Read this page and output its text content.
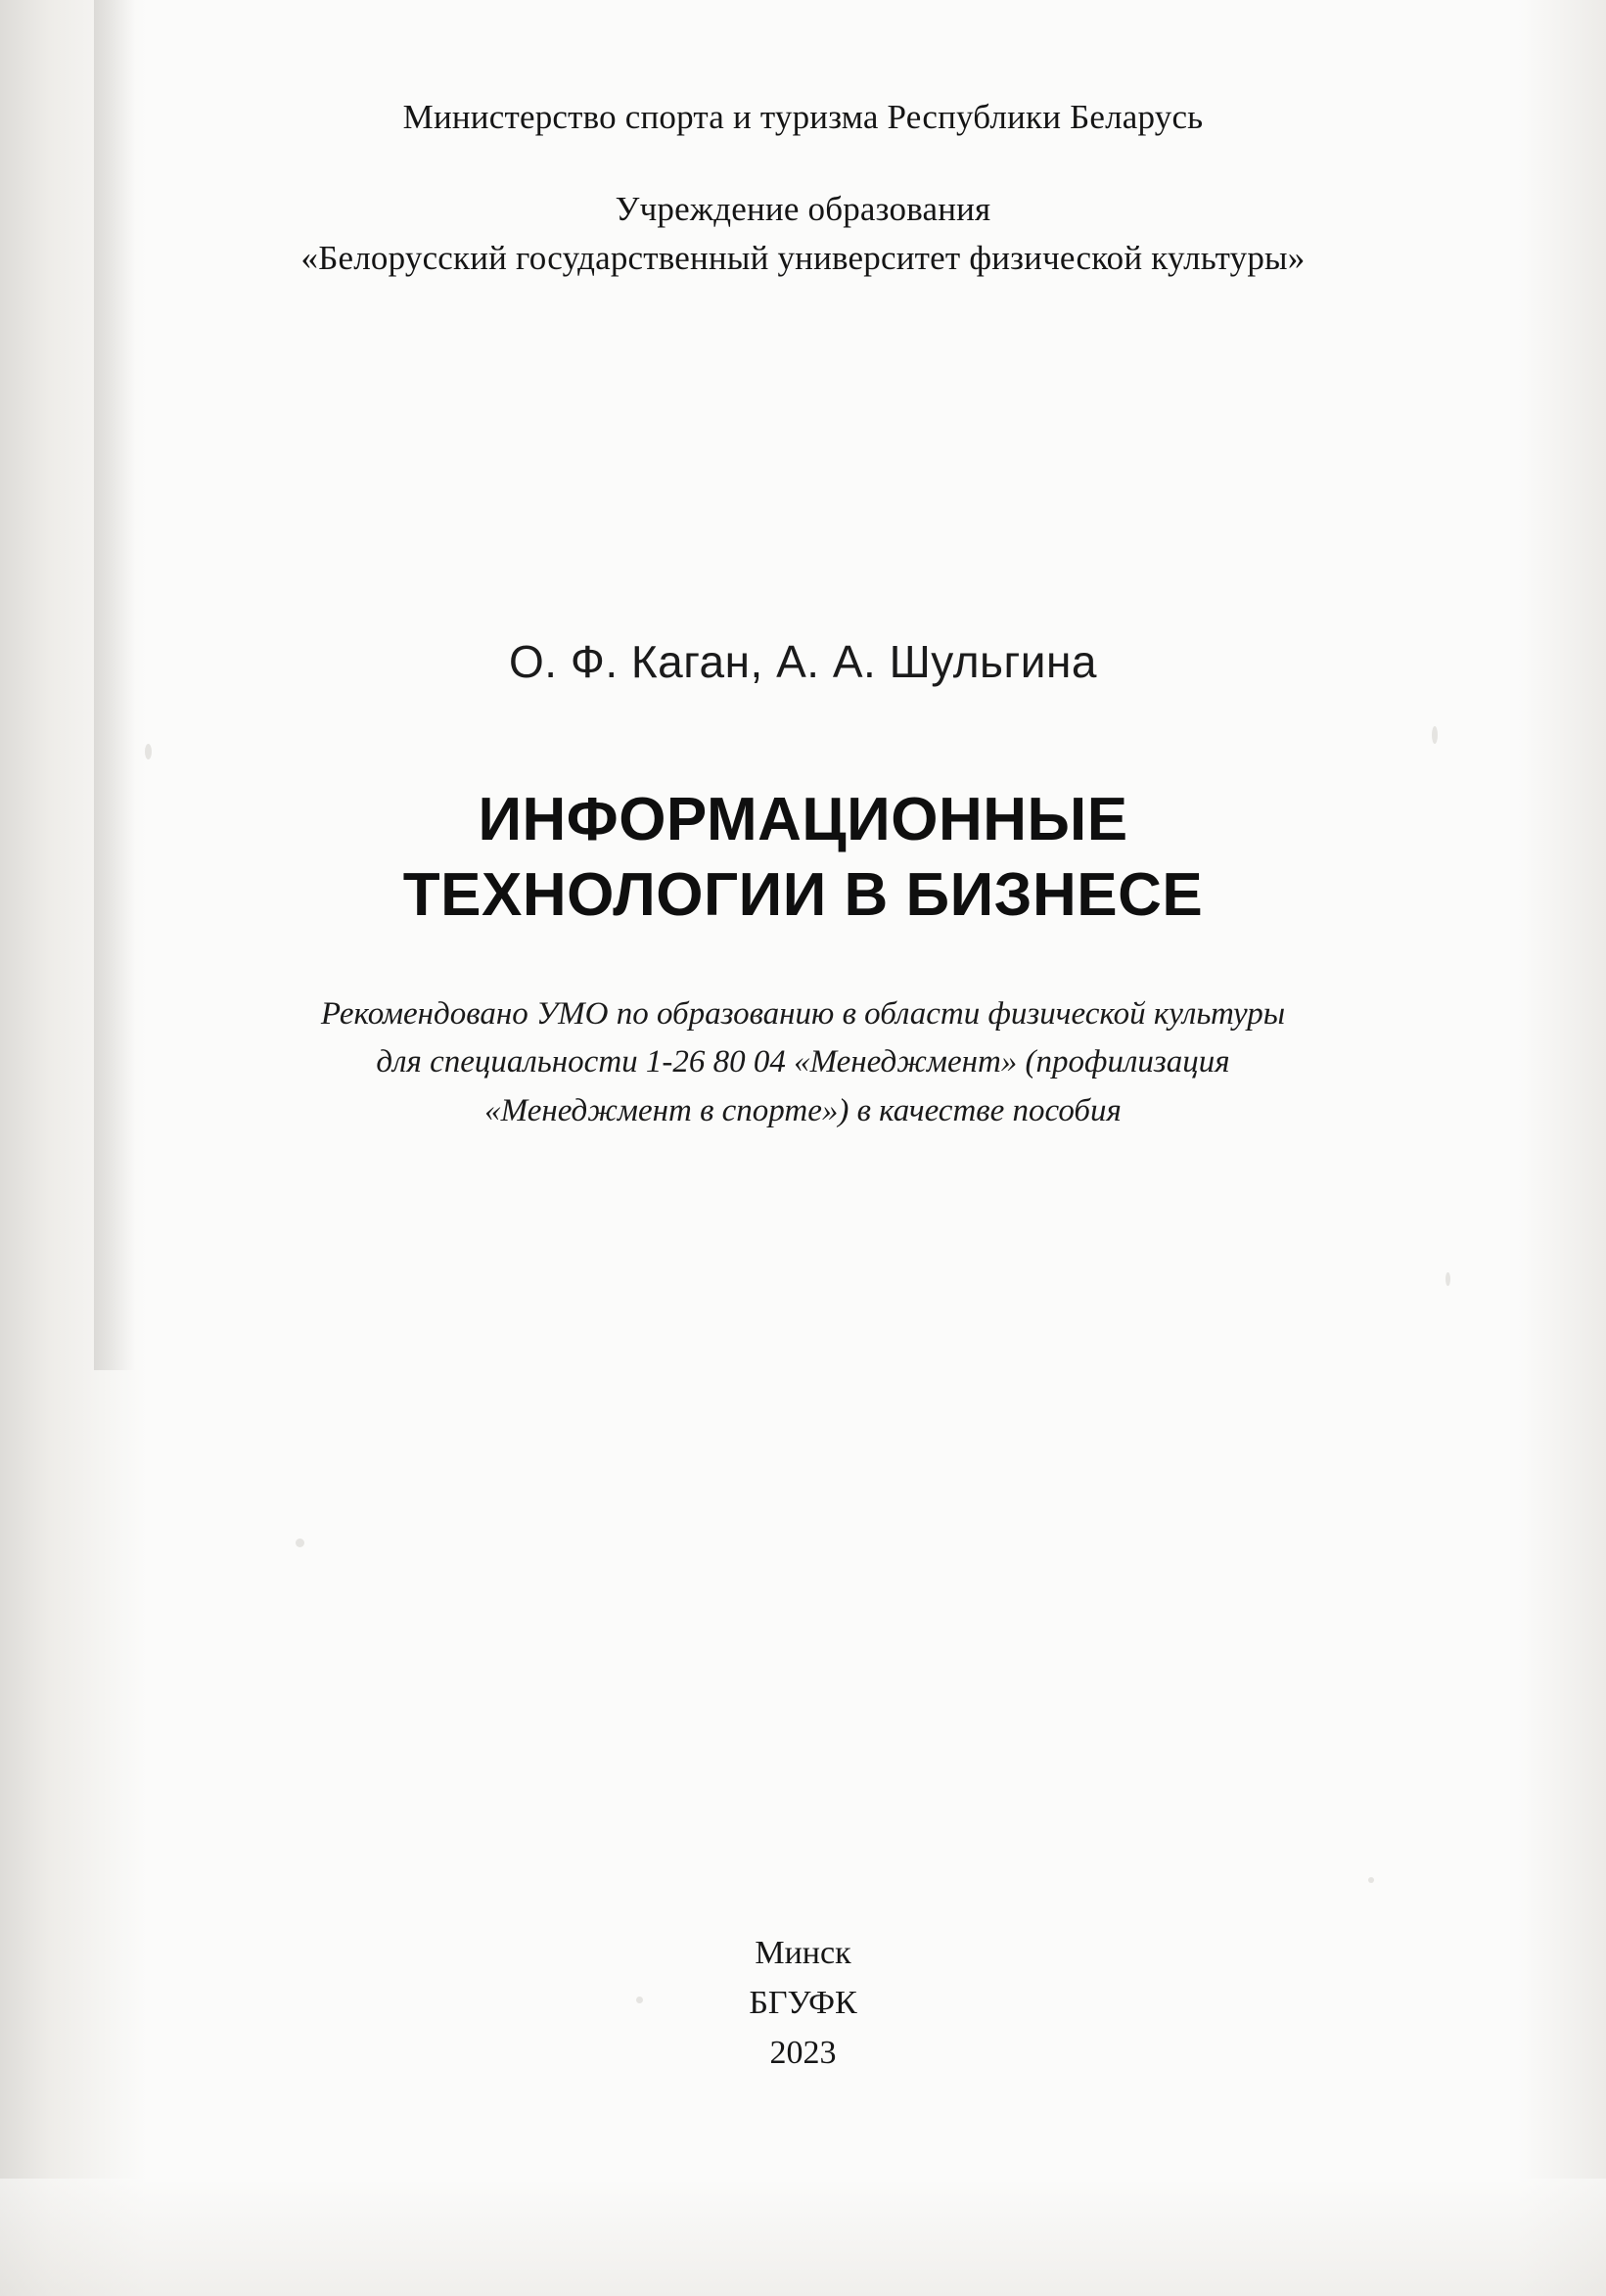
Министерство спорта и туризма Республики Беларусь
Учреждение образования
«Белорусский государственный университет физической культуры»
О. Ф. Каган, А. А. Шульгина
ИНФОРМАЦИОННЫЕ
ТЕХНОЛОГИИ В БИЗНЕСЕ
Рекомендовано УМО по образованию в области физической культуры
для специальности 1-26 80 04 «Менеджмент» (профилизация
«Менеджмент в спорте») в качестве пособия
Минск
БГУФК
2023
